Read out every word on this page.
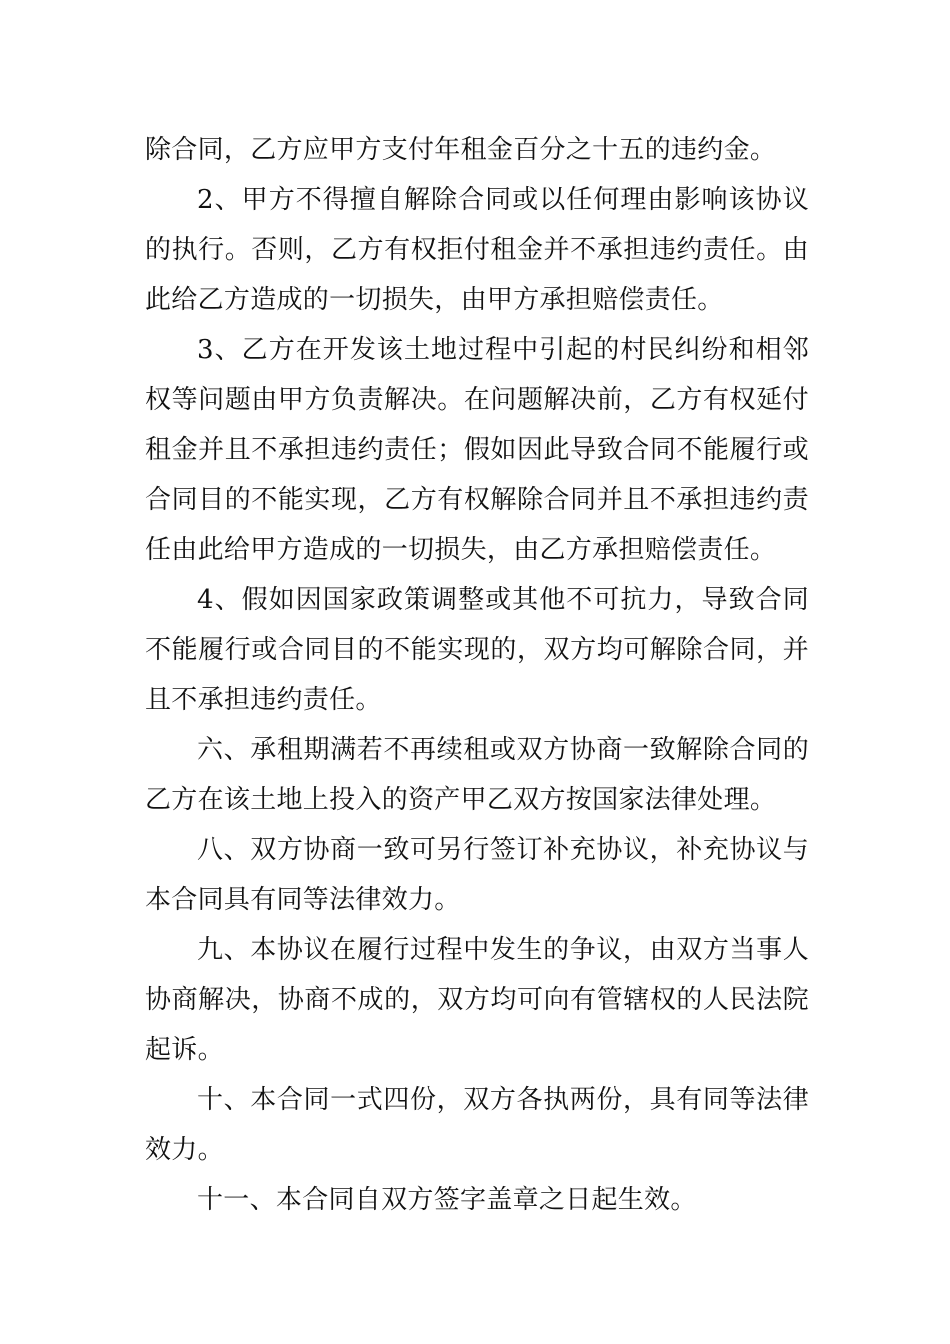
除合同，乙方应甲方支付年租金百分之十五的违约金。

2、甲方不得擅自解除合同或以任何理由影响该协议的执行。否则，乙方有权拒付租金并不承担违约责任。由此给乙方造成的一切损失，由甲方承担赔偿责任。

3、乙方在开发该土地过程中引起的村民纠纷和相邻权等问题由甲方负责解决。在问题解决前，乙方有权延付租金并且不承担违约责任；假如因此导致合同不能履行或合同目的不能实现，乙方有权解除合同并且不承担违约责任由此给甲方造成的一切损失，由乙方承担赔偿责任。

4、假如因国家政策调整或其他不可抗力，导致合同不能履行或合同目的不能实现的，双方均可解除合同，并且不承担违约责任。

六、承租期满若不再续租或双方协商一致解除合同的乙方在该土地上投入的资产甲乙双方按国家法律处理。

八、双方协商一致可另行签订补充协议，补充协议与本合同具有同等法律效力。

九、本协议在履行过程中发生的争议，由双方当事人协商解决，协商不成的，双方均可向有管辖权的人民法院起诉。

十、本合同一式四份，双方各执两份，具有同等法律效力。

十一、本合同自双方签字盖章之日起生效。
